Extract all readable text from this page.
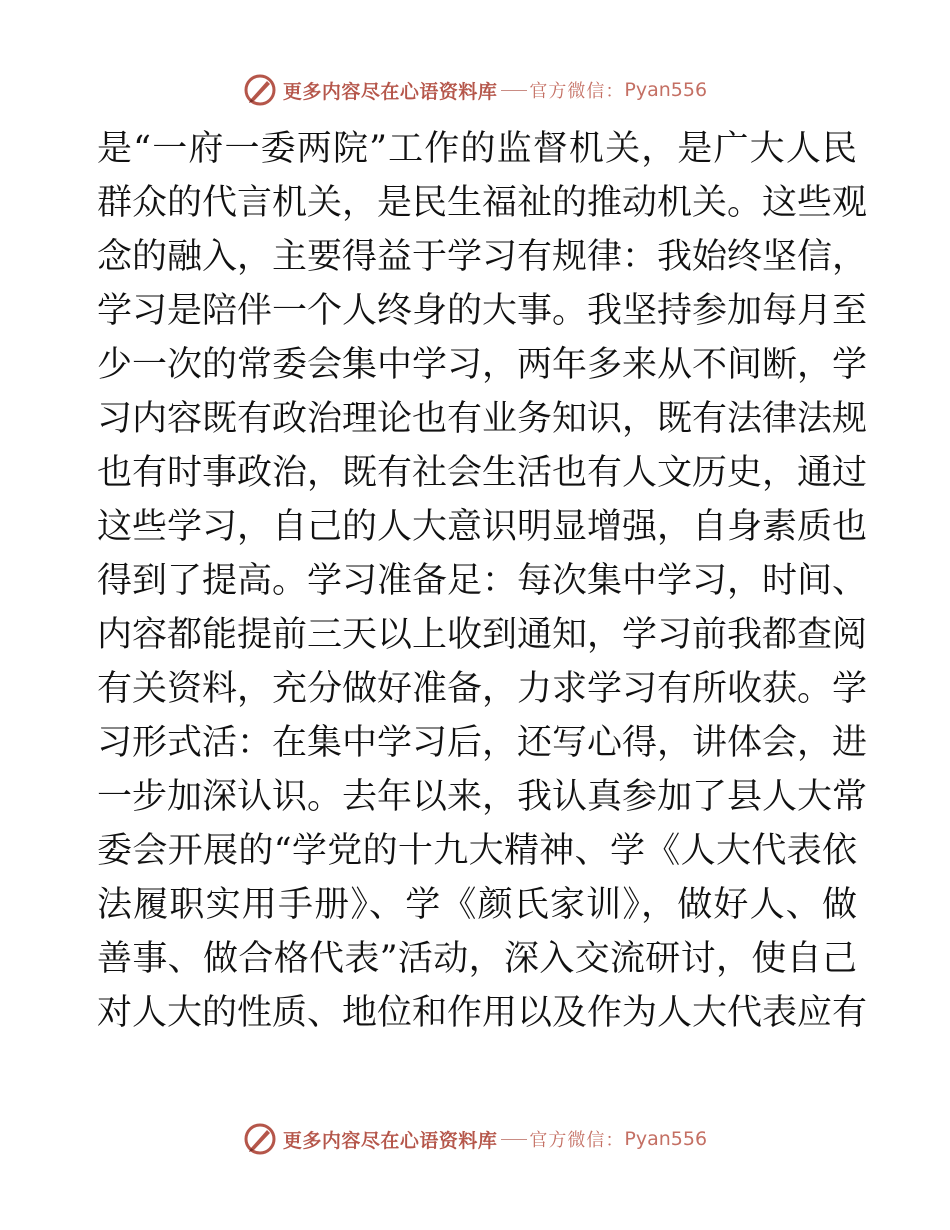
更多内容尽在心语资料库 官方微信： Pyan556
是“一府一委两院”工作的监督机关，是广大人民
群众的代言机关，是民生福祉的推动机关。这些观
念的融入，主要得益于学习有规律：我始终坚信，
学习是陪伴一个人终身的大事。我坚持参加每月至
少一次的常委会集中学习，两年多来从不间断，学
习内容既有政治理论也有业务知识，既有法律法规
也有时事政治，既有社会生活也有人文历史，通过
这些学习，自己的人大意识明显增强，自身素质也
得到了提高。学习准备足：每次集中学习，时间、
内容都能提前三天以上收到通知，学习前我都查阅
有关资料，充分做好准备，力求学习有所收获。学
习形式活：在集中学习后，还写心得，讲体会，进
一步加深认识。去年以来，我认真参加了县人大常
委会开展的“学党的十九大精神、学《人大代表依
法履职实用手册》、学《颜氏家训》，做好人、做
善事、做合格代表”活动，深入交流研讨，使自己
对人大的性质、地位和作用以及作为人大代表应有
更多内容尽在心语资料库 官方微信： Pyan556
